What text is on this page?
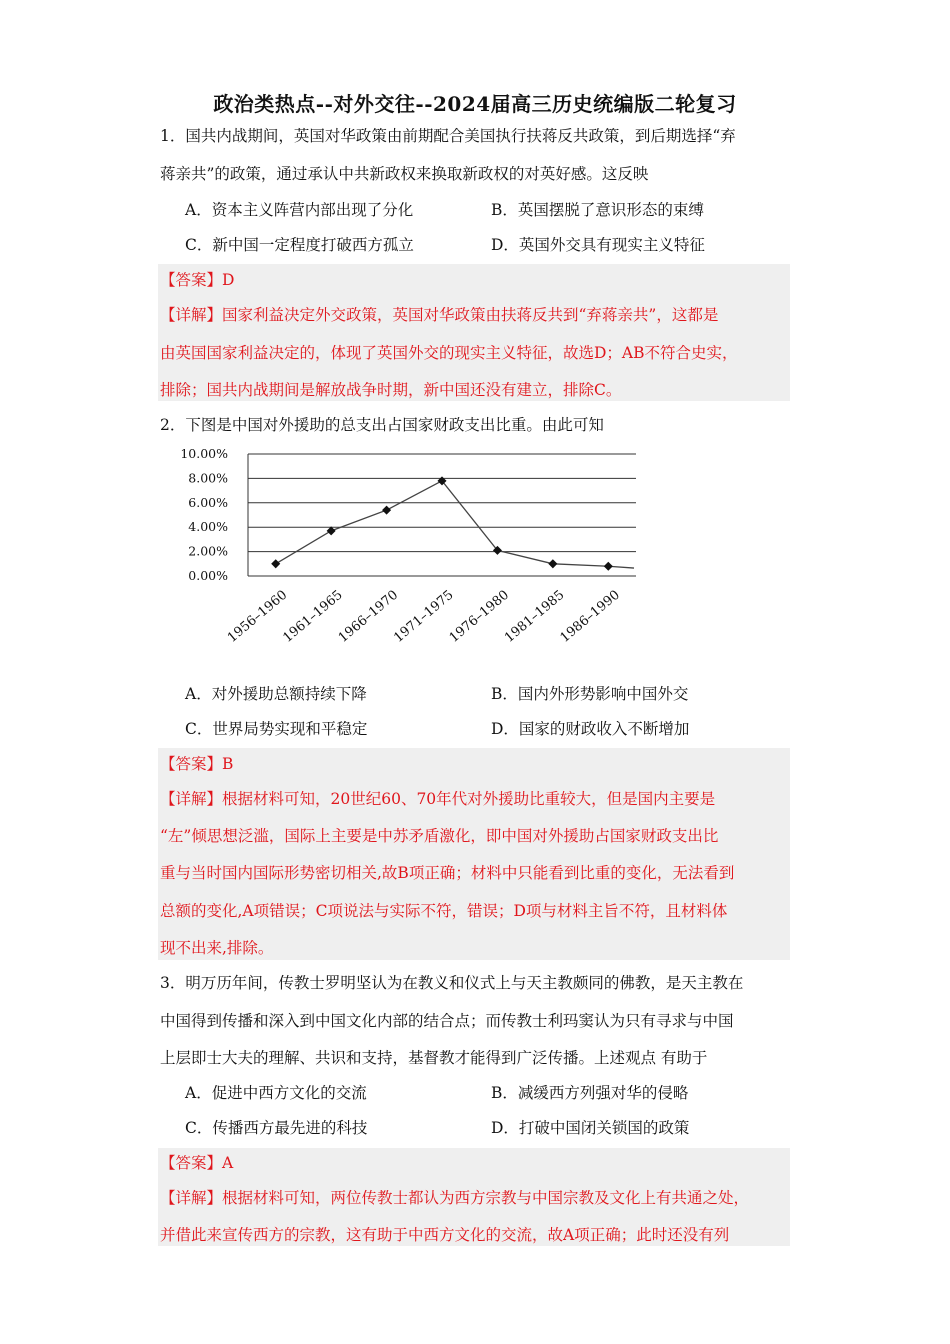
政治类热点--对外交往--2024届高三历史统编版二轮复习
1．国共内战期间，英国对华政策由前期配合美国执行扶蒋反共政策，到后期选择“弃
蒋亲共”的政策，通过承认中共新政权来换取新政权的对英好感。这反映
A．资本主义阵营内部出现了分化	B．英国摆脱了意识形态的束缚
C．新中国一定程度打破西方孤立	D．英国外交具有现实主义特征
【答案】D
【详解】国家利益决定外交政策，英国对华政策由扶蒋反共到“弃蒋亲共”，这都是
由英国国家利益决定的，体现了英国外交的现实主义特征，故选D；AB不符合史实，
排除；国共内战期间是解放战争时期，新中国还没有建立，排除C。
2．下图是中国对外援助的总支出占国家财政支出比重。由此可知
0.00%
2.00%
4.00%
6.00%
8.00%
10.00%
1956–1960
1961–1965
1966–1970
1971–1975
1976–1980
1981–1985
1986–1990
A．对外援助总额持续下降	B．国内外形势影响中国外交
C．世界局势实现和平稳定	D．国家的财政收入不断增加
【答案】B
【详解】根据材料可知，20世纪60、70年代对外援助比重较大，但是国内主要是
“左”倾思想泛滥，国际上主要是中苏矛盾激化，即中国对外援助占国家财政支出比
重与当时国内国际形势密切相关,故B项正确；材料中只能看到比重的变化，无法看到
总额的变化,A项错误；C项说法与实际不符，错误；D项与材料主旨不符，且材料体
现不出来,排除。
3．明万历年间，传教士罗明坚认为在教义和仪式上与天主教颇同的佛教，是天主教在
中国得到传播和深入到中国文化内部的结合点；而传教士利玛窦认为只有寻求与中国
上层即士大夫的理解、共识和支持，基督教才能得到广泛传播。上述观点 有助于
A．促进中西方文化的交流	B．减缓西方列强对华的侵略
C．传播西方最先进的科技	D．打破中国闭关锁国的政策
【答案】A
【详解】根据材料可知，两位传教士都认为西方宗教与中国宗教及文化上有共通之处，
并借此来宣传西方的宗教，这有助于中西方文化的交流，故A项正确；此时还没有列
